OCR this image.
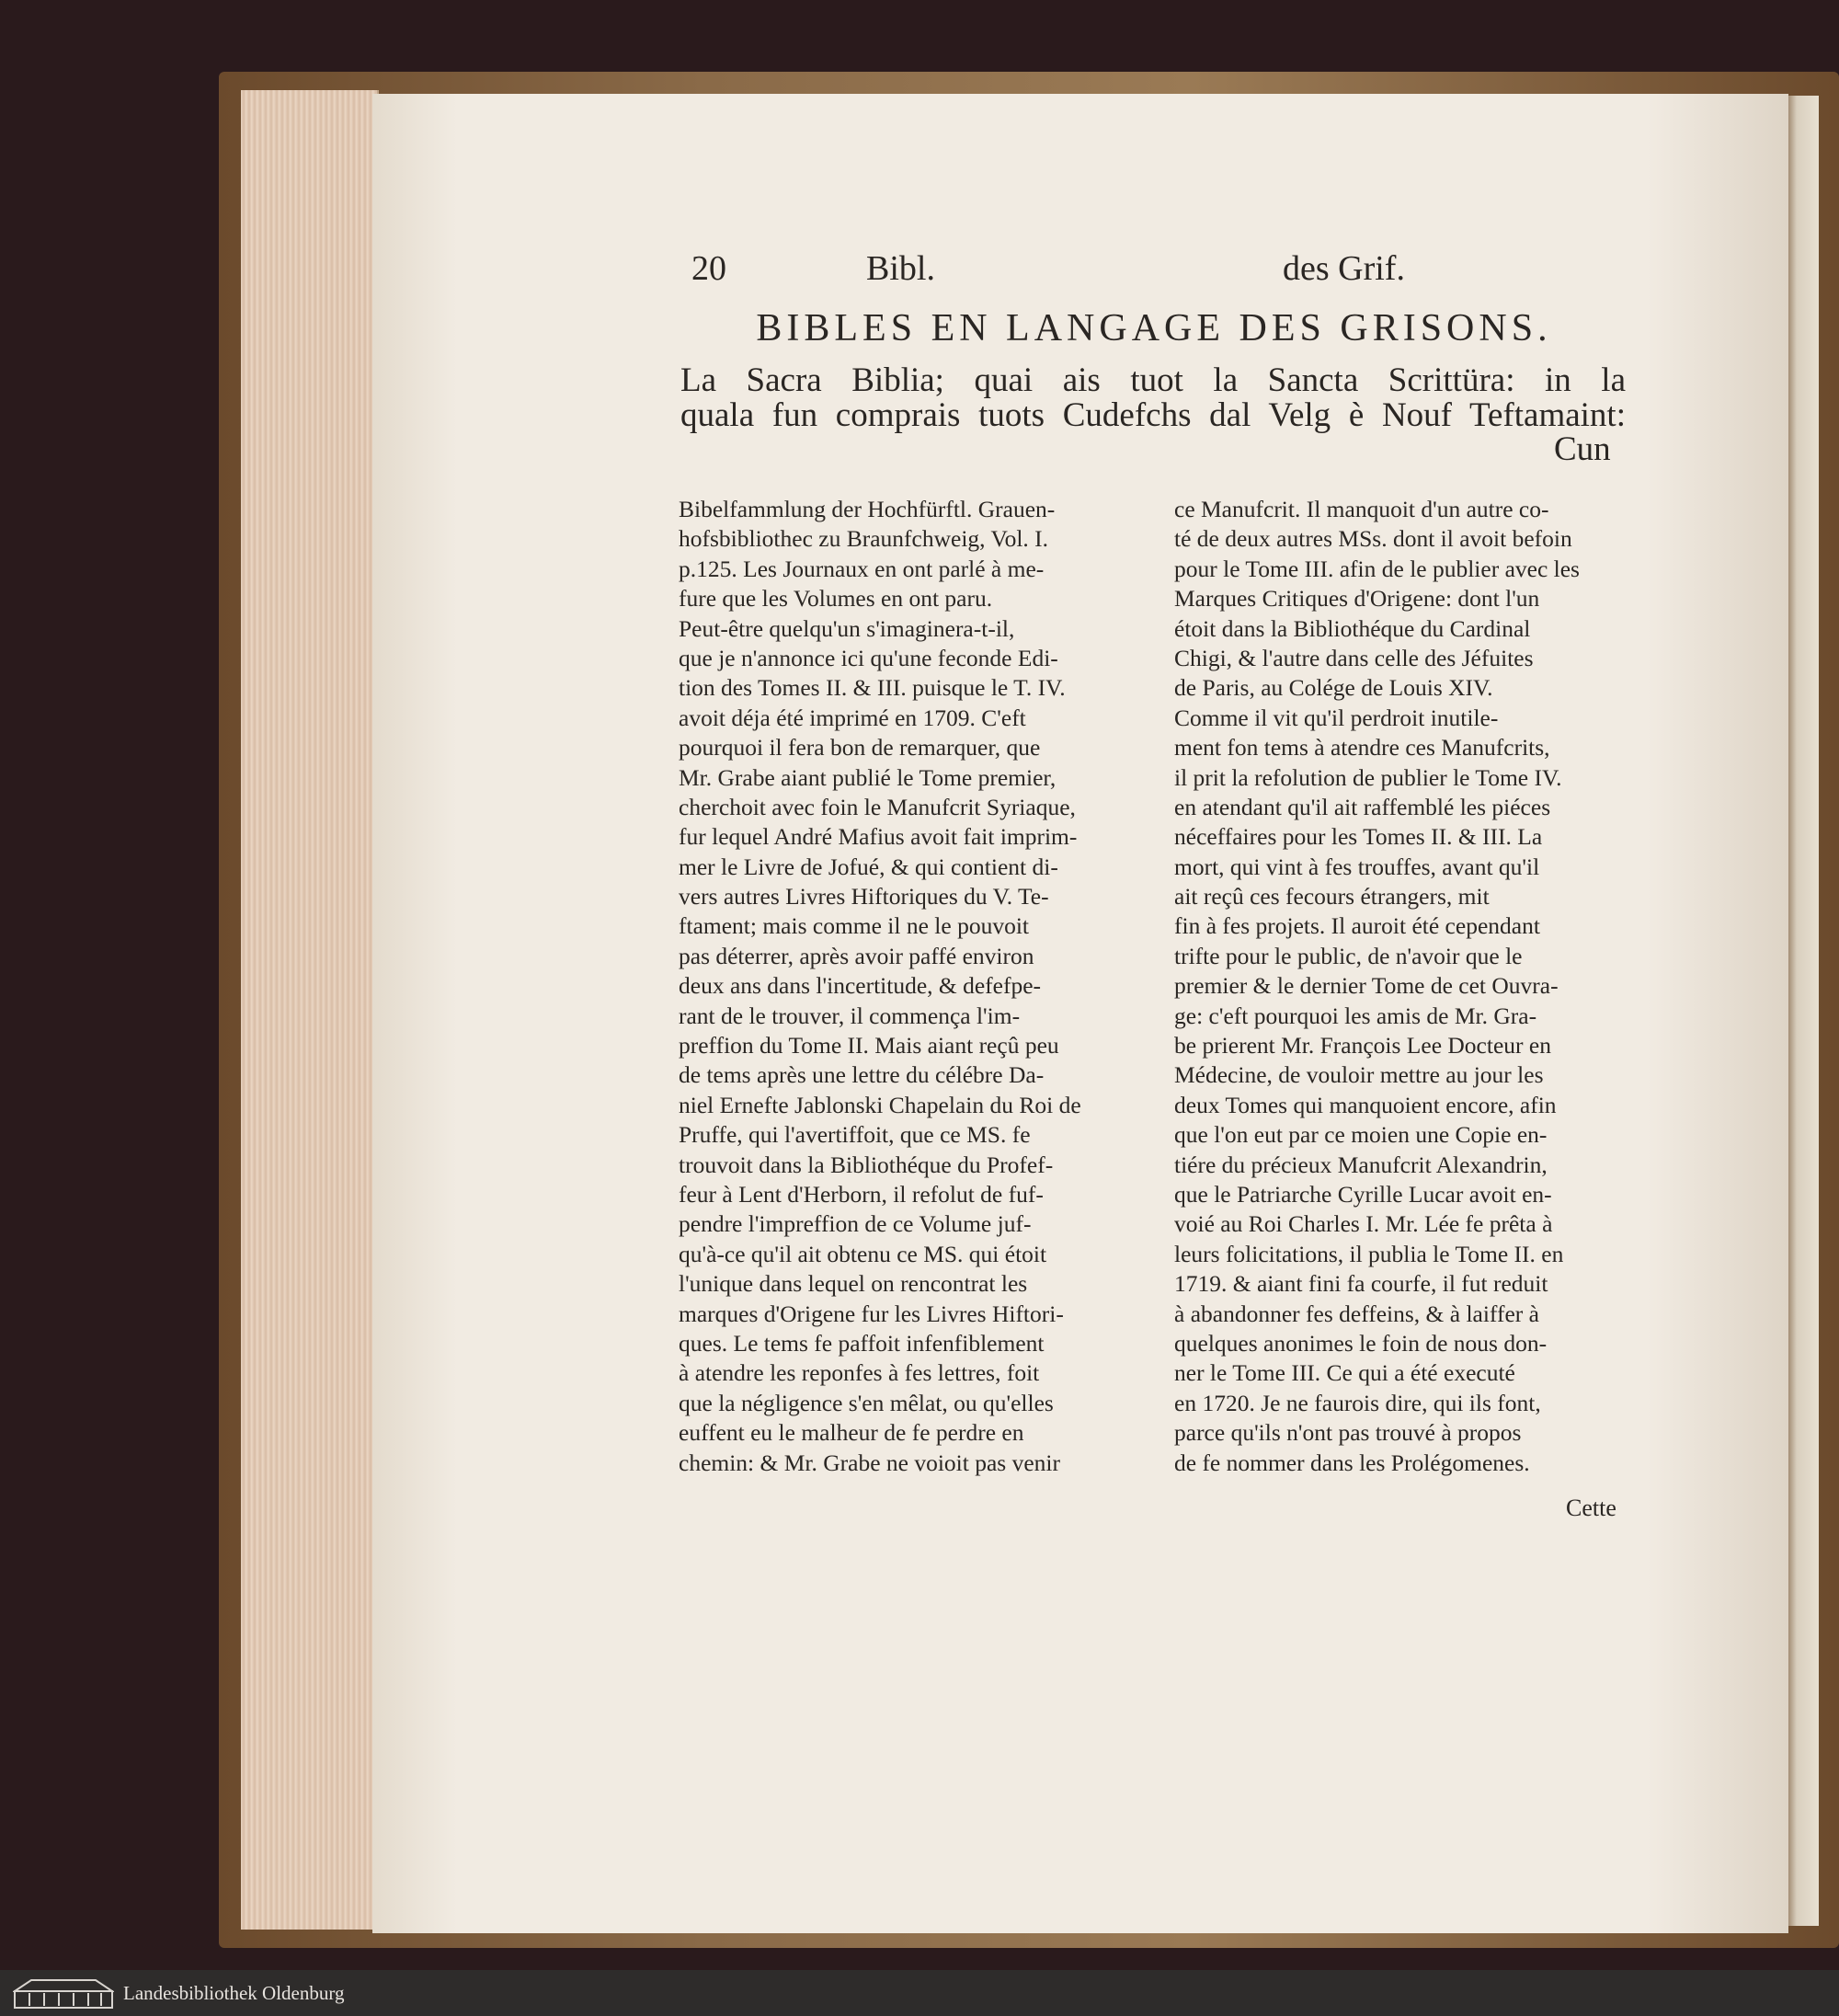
20	Bibl.	des Grif.
BIBLES EN LANGAGE DES GRISONS.
La Sacra Biblia; quai ais tuot la Sancta Scrittüra: in la
quala fun comprais tuots Cudefchs dal Velg è Nouf Teftamaint:
Cun
Bibelfammlung der Hochfürftl. Grauen-
hofsbibliothec zu Braunfchweig, Vol. I.
p.125. Les Journaux en ont parlé à me-
fure que les Volumes en ont paru.
Peut-être quelqu'un s'imaginera-t-il,
que je n'annonce ici qu'une feconde Edi-
tion des Tomes II. & III. puisque le T. IV.
avoit déja été imprimé en 1709. C'eft
pourquoi il fera bon de remarquer, que
Mr. Grabe aiant publié le Tome premier,
cherchoit avec foin le Manufcrit Syriaque,
fur lequel André Mafius avoit fait imprim-
mer le Livre de Jofué, & qui contient di-
vers autres Livres Hiftoriques du V. Te-
ftament; mais comme il ne le pouvoit
pas déterrer, après avoir paffé environ
deux ans dans l'incertitude, & defefpe-
rant de le trouver, il commença l'im-
preffion du Tome II. Mais aiant reçû peu
de tems après une lettre du célébre Da-
niel Ernefte Jablonski Chapelain du Roi de
Pruffe, qui l'avertiffoit, que ce MS. fe
trouvoit dans la Bibliothéque du Profef-
feur à Lent d'Herborn, il refolut de fuf-
pendre l'impreffion de ce Volume juf-
qu'à-ce qu'il ait obtenu ce MS. qui étoit
l'unique dans lequel on rencontrat les
marques d'Origene fur les Livres Hiftori-
ques. Le tems fe paffoit infenfiblement
à atendre les reponfes à fes lettres, foit
que la négligence s'en mêlat, ou qu'elles
euffent eu le malheur de fe perdre en
chemin: & Mr. Grabe ne voioit pas venir
ce Manufcrit. Il manquoit d'un autre co-
té de deux autres MSs. dont il avoit befoin
pour le Tome III. afin de le publier avec les
Marques Critiques d'Origene: dont l'un
étoit dans la Bibliothéque du Cardinal
Chigi, & l'autre dans celle des Jéfuites
de Paris, au Colége de Louis XIV.
Comme il vit qu'il perdroit inutile-
ment fon tems à atendre ces Manufcrits,
il prit la refolution de publier le Tome IV.
en atendant qu'il ait raffemblé les piéces
néceffaires pour les Tomes II. & III. La
mort, qui vint à fes trouffes, avant qu'il
ait reçû ces fecours étrangers, mit
fin à fes projets. Il auroit été cependant
trifte pour le public, de n'avoir que le
premier & le dernier Tome de cet Ouvra-
ge: c'eft pourquoi les amis de Mr. Gra-
be prierent Mr. François Lee Docteur en
Médecine, de vouloir mettre au jour les
deux Tomes qui manquoient encore, afin
que l'on eut par ce moien une Copie en-
tiére du précieux Manufcrit Alexandrin,
que le Patriarche Cyrille Lucar avoit en-
voié au Roi Charles I. Mr. Lée fe prêta à
leurs folicitations, il publia le Tome II. en
1719. & aiant fini fa courfe, il fut reduit
à abandonner fes deffeins, & à laiffer à
quelques anonimes le foin de nous don-
ner le Tome III. Ce qui a été executé
en 1720. Je ne faurois dire, qui ils font,
parce qu'ils n'ont pas trouvé à propos
de fe nommer dans les Prolégomenes.
Cette
Landesbibliothek Oldenburg
